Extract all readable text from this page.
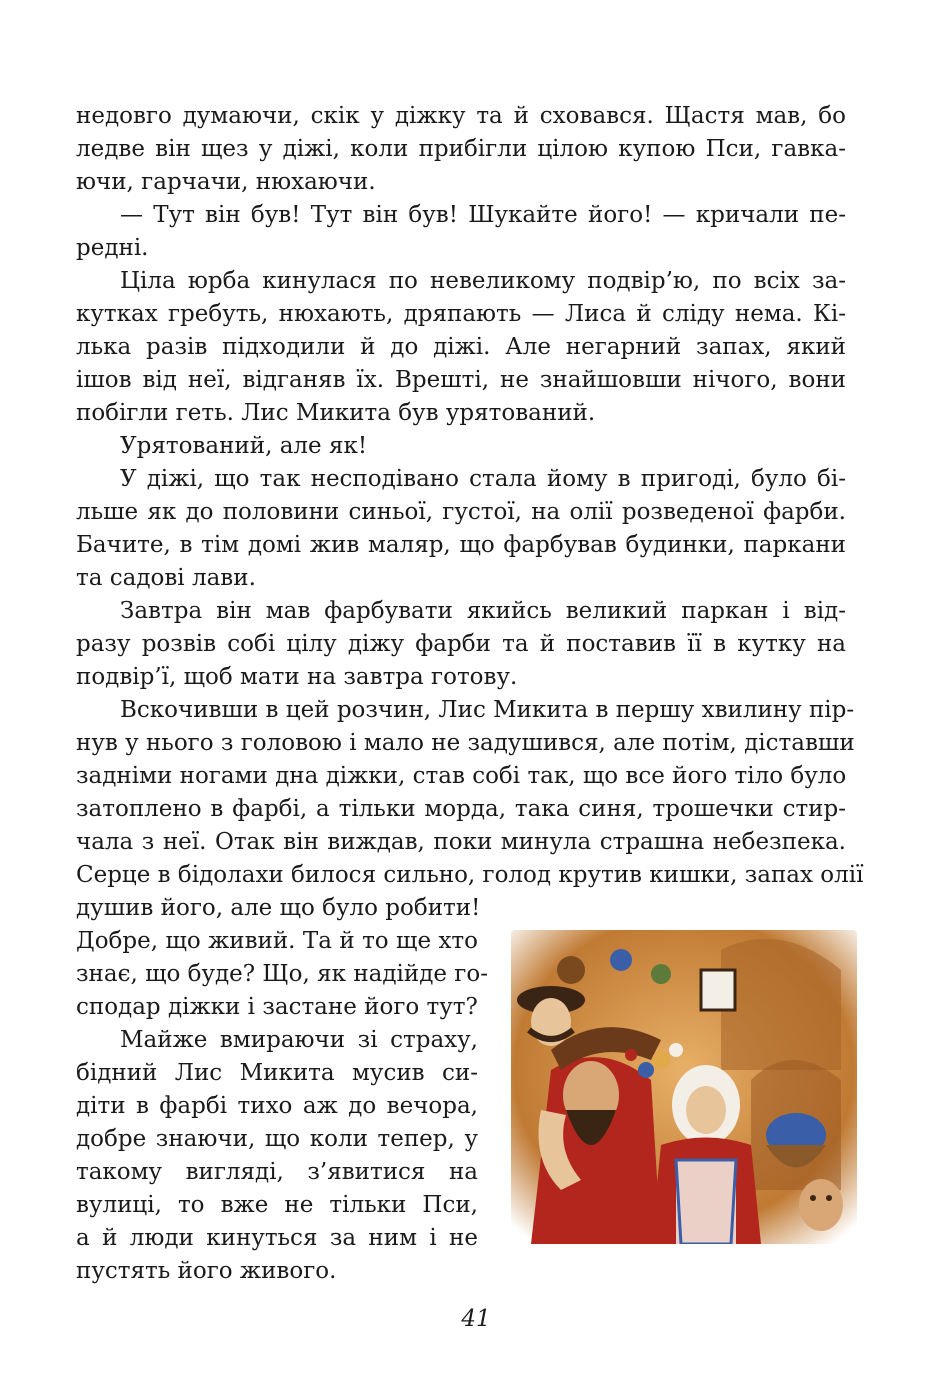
недовго думаючи, скік у діжку та й сховався. Щастя мав, бо
ледве він щез у діжі, коли прибігли цілою купою Пси, гавка-
ючи, гарчачи, нюхаючи.
— Тут він був! Тут він був! Шукайте його! — кричали пе-
редні.
Ціла юрба кинулася по невеликому подвір’ю, по всіх за-
кутках гребуть, нюхають, дряпають — Лиса й сліду нема. Кі-
лька разів підходили й до діжі. Але негарний запах, який
ішов від неї, відганяв їх. Врешті, не знайшовши нічого, вони
побігли геть. Лис Микита був урятований.
Урятований, але як!
У діжі, що так несподівано стала йому в пригоді, було бі-
льше як до половини синьої, густої, на олії розведеної фарби.
Бачите, в тім домі жив маляр, що фарбував будинки, паркани
та садові лави.
Завтра він мав фарбувати якийсь великий паркан і від-
разу розвів собі цілу діжу фарби та й поставив її в кутку на
подвір’ї, щоб мати на завтра готову.
Вскочивши в цей розчин, Лис Микита в першу хвилину пір-
нув у нього з головою і мало не задушився, але потім, діставши
задніми ногами дна діжки, став собі так, що все його тіло було
затоплено в фарбі, а тільки морда, така синя, трошечки стир-
чала з неї. Отак він виждав, поки минула страшна небезпека.
Серце в бідолахи билося сильно, голод крутив кишки, запах олії
душив його, але що було робити!
Добре, що живий. Та й то ще хто
знає, що буде? Що, як надійде го-
сподар діжки і застане його тут?
Майже вмираючи зі страху,
бідний Лис Микита мусив си-
діти в фарбі тихо аж до вечора,
добре знаючи, що коли тепер, у
такому вигляді, з’явитися на
вулиці, то вже не тільки Пси,
а й люди кинуться за ним і не
пустять його живого.
41
